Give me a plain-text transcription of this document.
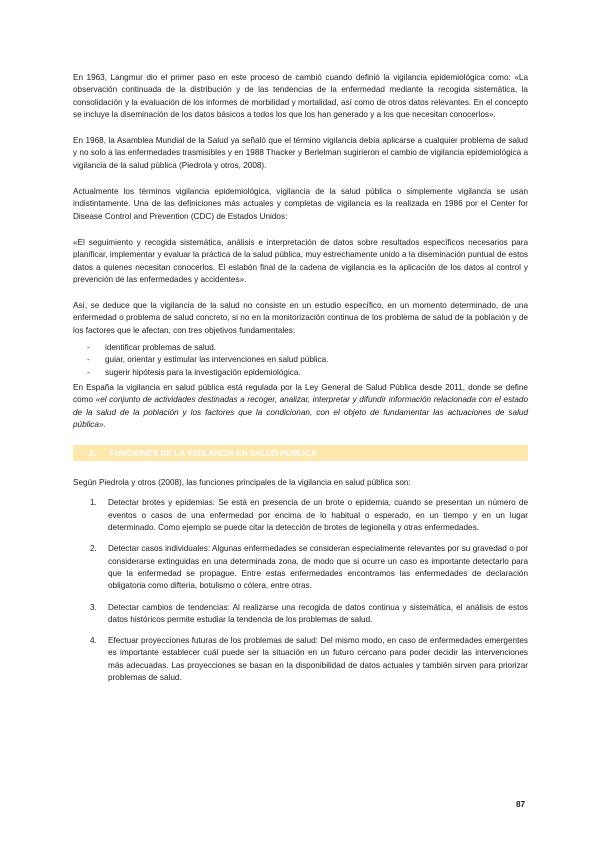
En 1963, Langmur dio el primer paso en este proceso de cambió cuando definió la vigilancia epidemiológica como: «La observación continuada de la distribución y de las tendencias de la enfermedad mediante la recogida sistemática, la consolidación y la evaluación de los informes de morbilidad y mortalidad, así como de otros datos relevantes. En el concepto se incluye la diseminación de los datos básicos a todos los que los han generado y a los que necesitan conocerlos».

En 1968, la Asamblea Mundial de la Salud ya señaló que el término vigilancia debía aplicarse a cualquier problema de salud y no solo a las enfermedades trasmisibles y en 1988 Thacker y Berlelman sugirieron el cambio de vigilancia epidemiológica a vigilancia de la salud pública (Piedrola y otros, 2008).

Actualmente los términos vigilancia epidemiológica, vigilancia de la salud pública o simplemente vigilancia se usan indistintamente. Una de las definiciones más actuales y completas de vigilancia es la realizada en 1986 por el Center for Disease Control and Prevention (CDC) de Estados Unidos:

«El seguimiento y recogida sistemática, análisis e interpretación de datos sobre resultados específicos necesarios para planificar, implementar y evaluar la práctica de la salud pública, muy estrechamente unido a la diseminación puntual de estos datos a quienes necesitan conocerlos. El eslabón final de la cadena de vigilancia es la aplicación de los datos al control y prevención de las enfermedades y accidentes».

Así, se deduce que la vigilancia de la salud no consiste en un estudio específico, en un momento determinado, de una enfermedad o problema de salud concreto, si no en la monitorización continua de los problema de salud de la población y de los factores que le afectan, con tres objetivos fundamentales:

- identificar problemas de salud.
- guiar, orientar y estimular las intervenciones en salud pública.
- sugerir hipótesis para la investigación epidemiológica.

En España la vigilancia en salud pública está regulada por la Ley General de Salud Pública desde 2011, donde se define como «el conjunto de actividades destinadas a recoger, analizar, interpretar y difundir información relacionada con el estado de la salud de la población y los factores que la condicionan, con el objeto de fundamentar las actuaciones de salud pública».

2. FUNCIONES DE LA VIGILANCIA EN SALUD PÚBLICA

Según Piedrola y otros (2008), las funciones principales de la vigilancia en salud pública son:

1. Detectar brotes y epidemias: Se está en presencia de un brote o epidemia, cuando se presentan un número de eventos o casos de una enfermedad por encima de lo habitual o esperado, en un tiempo y en un lugar determinado. Como ejemplo se puede citar la detección de brotes de legionella y otras enfermedades.
2. Detectar casos individuales: Algunas enfermedades se consideran especialmente relevantes por su gravedad o por considerarse extinguidas en una determinada zona, de modo que si ocurre un caso es importante detectarlo para que la enfermedad se propague. Entre estas enfermedades encontramos las enfermedades de declaración obligatoria como difteria, botulismo o cólera, entre otras.
3. Detectar cambios de tendencias: Al realizarse una recogida de datos continua y sistemática, el análisis de estos datos históricos permite estudiar la tendencia de los problemas de salud.
4. Efectuar proyecciones futuras de los problemas de salud: Del mismo modo, en caso de enfermedades emergentes es importante establecer cuál puede ser la situación en un futuro cercano para poder decidir las intervenciones más adecuadas. Las proyecciones se basan en la disponibilidad de datos actuales y también sirven para priorizar problemas de salud.
87
